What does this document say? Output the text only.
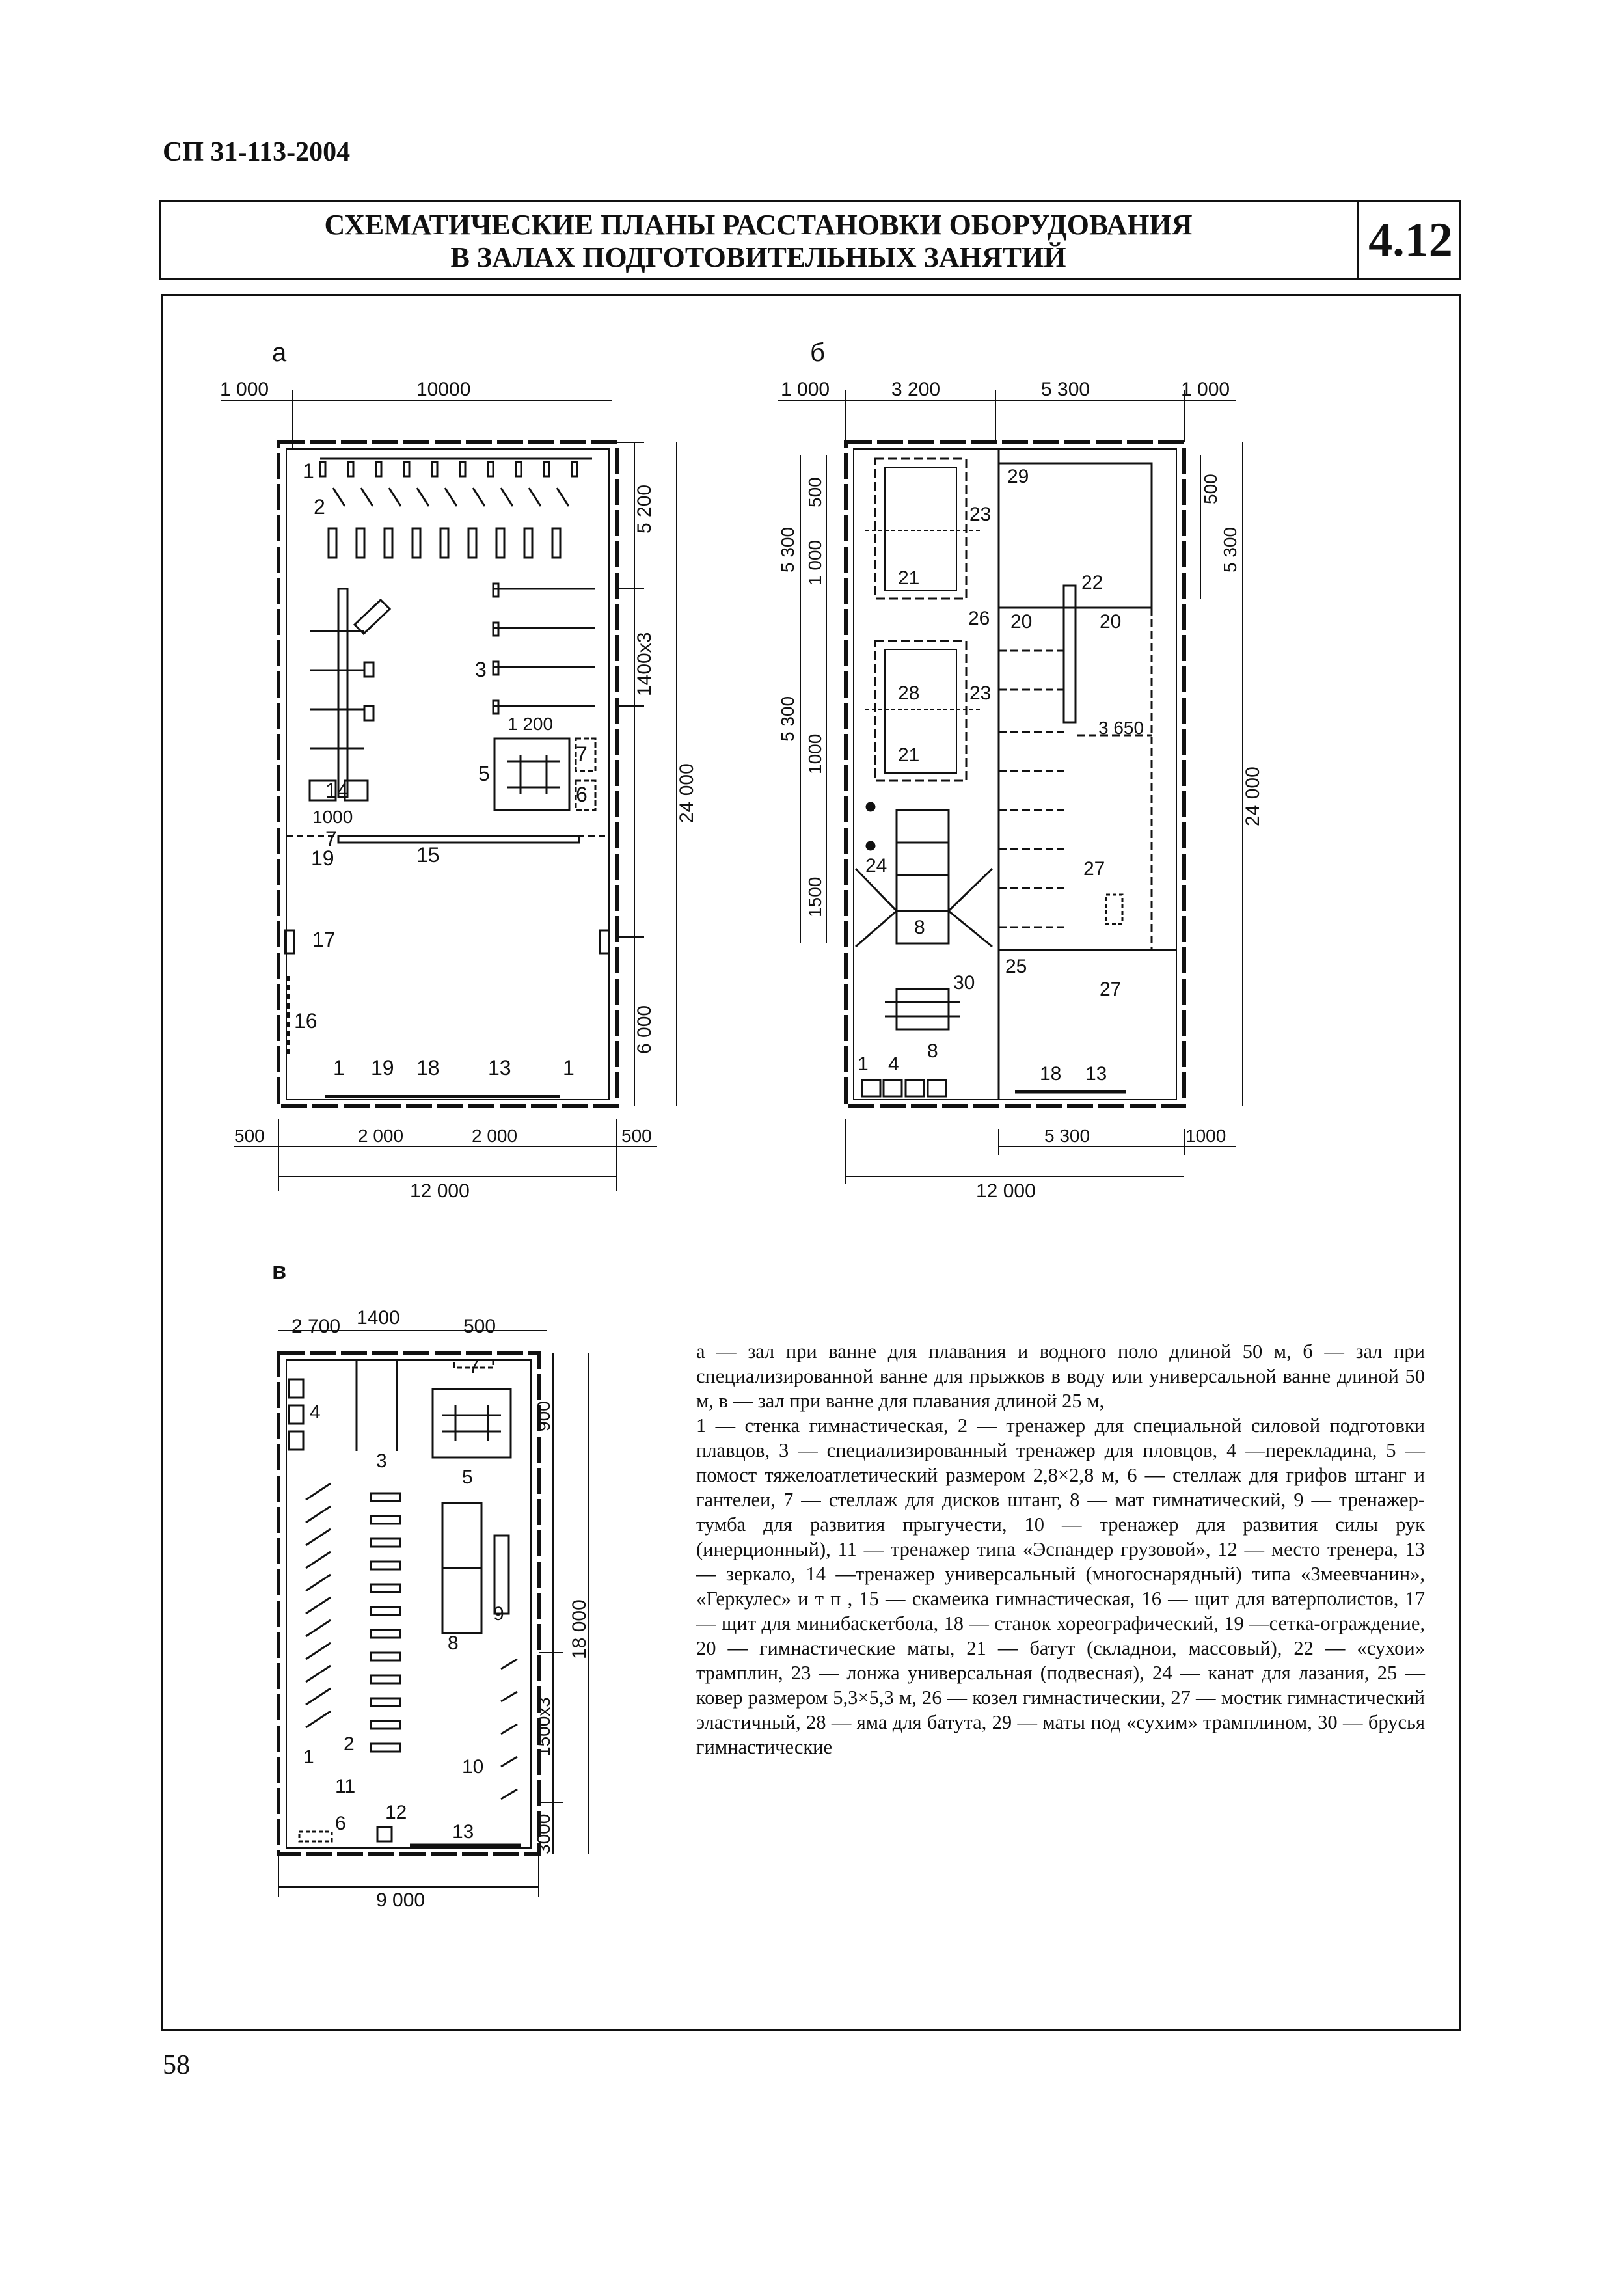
СП 31-113-2004
СХЕМАТИЧЕСКИЕ ПЛАНЫ РАССТАНОВКИ ОБОРУДОВАНИЯ
В ЗАЛАХ ПОДГОТОВИТЕЛЬНЫХ ЗАНЯТИЙ	4.12
а
1 000	10000
5 200
1400х3
24 000
6 000
1 200
1000
500	2 000	2 000	500
12 000
1
2
3
5
6
7
14
7
19	15
17
16
1 19 18 13 1
б
1 000	3 200	5 300	1 000
5 300
500
1 000
5 300
1000
1500
500
5 300
24 000
3 650
5 300	1000
12 000
23
21
26
28	23
21
29
22
20	20
24
8
27
25
27
30
8
1 4	18 13
в
2 700 1400	500
900
1500х3
3000
18 000
9 000
7
4
3
5
9
8
2
1	10
11
6
12
13

а — зал при ванне для плавания и водного поло длиной 50 м, б — зал при специализированной ванне для прыжков в воду или универсальной ванне длиной 50 м, в — зал при ванне для плавания длиной 25 м,

1 — стенка гимнастическая, 2 — тренажер для специальной силовой подготовки плавцов, 3 — специализированный тренажер для пловцов, 4 —перекладина, 5 — помост тяжелоатлетический размером 2,8×2,8 м, 6 — стеллаж для грифов штанг и гантелеи, 7 — стеллаж для дисков штанг, 8 — мат гимнатический, 9 — тренажер-тумба для развития прыгучести, 10 — тренажер для развития силы рук (инерционный), 11 — тренажер типа «Эспандер грузовой», 12 — место тренера, 13 — зеркало, 14 —тренажер универсальный (многоснарядный) типа «Змеевчанин», «Геркулес» и т п , 15 — скамеика гимнастическая, 16 — щит для ватерполистов, 17 — щит для минибаскетбола, 18 — станок хореографический, 19 —сетка-ограждение, 20 — гимнастические маты, 21 — батут (складнои, массовый), 22 — «сухои» трамплин, 23 — лонжа универсальная (подвесная), 24 — канат для лазания, 25 — ковер размером 5,3×5,3 м, 26 — козел гимнастическии, 27 — мостик гимнастический эластичный, 28 — яма для батута, 29 — маты под «сухим» трамплином, 30 — брусья гимнастические

58
